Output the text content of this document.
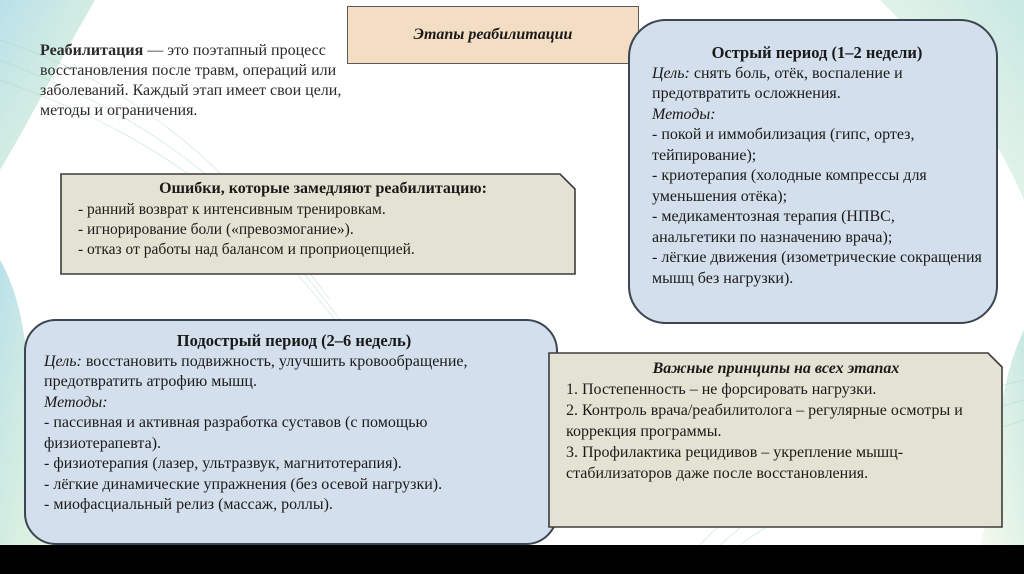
Этапы реабилитации
Реабилитация — это поэтапный процесс восстановления после травм, операций или заболеваний. Каждый этап имеет свои цели, методы и ограничения.
Ошибки, которые замедляют реабилитацию:
- ранний возврат к интенсивным тренировкам.
- игнорирование боли («превозмогание»).
- отказ от работы над балансом и проприоцепцией.
Острый период (1–2 недели)
Цель: снять боль, отёк, воспаление и предотвратить осложнения.
Методы:
- покой и иммобилизация (гипс, ортез, тейпирование);
- криотерапия (холодные компрессы для уменьшения отёка);
- медикаментозная терапия (НПВС, анальгетики по назначению врача);
- лёгкие движения (изометрические сокращения мышц без нагрузки).
Подострый период (2–6 недель)
Цель: восстановить подвижность, улучшить кровообращение, предотвратить атрофию мышц.
Методы:
- пассивная и активная разработка суставов (с помощью физиотерапевта).
- физиотерапия (лазер, ультразвук, магнитотерапия).
- лёгкие динамические упражнения (без осевой нагрузки).
- миофасциальный релиз (массаж, роллы).
Важные принципы на всех этапах
1. Постепенность – не форсировать нагрузки.
2. Контроль врача/реабилитолога – регулярные осмотры и коррекция программы.
3. Профилактика рецидивов – укрепление мышц-стабилизаторов даже после восстановления.
